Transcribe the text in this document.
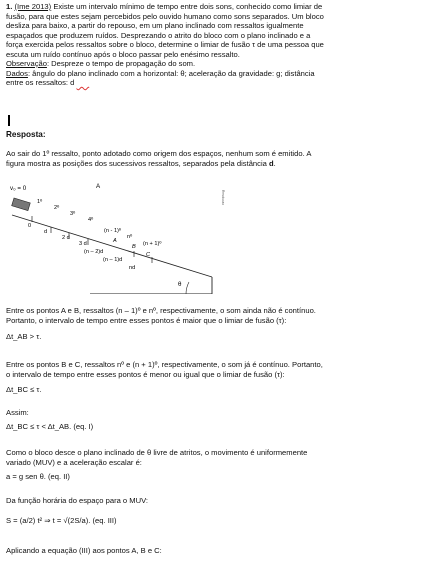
1. (Ime 2013) Existe um intervalo mínimo de tempo entre dois sons, conhecido como limiar de
fusão, para que estes sejam percebidos pelo ouvido humano como sons separados. Um bloco
desliza para baixo, a partir do repouso, em um plano inclinado com ressaltos igualmente
espaçados que produzem ruídos. Desprezando o atrito do bloco com o plano inclinado e a
força exercida pelos ressaltos sobre o bloco, determine o limiar de fusão τ de uma pessoa que
escuta um ruído contínuo após o bloco passar pelo enésimo ressalto.
Observação: Despreze o tempo de propagação do som.
Dados: ângulo do plano inclinado com a horizontal: θ; aceleração da gravidade: g; distância
entre os ressaltos: d ___
Resposta:
Ao sair do 1º ressalto, ponto adotado como origem dos espaços, nenhum som é emitido. A
figura mostra as posições dos sucessivos ressaltos, separados pela distância d.
v₀ = 0	A
1º
2º
3º
4º
0
d
2 d
3 d
(n – 2)d
(n – 1)d
nd
(n - 1)º
nº
(n + 1)º
A
B
C
θ
Resolucao
Entre os pontos A e B, ressaltos (n – 1)º e nº, respectivamente, o som ainda não é contínuo.
Portanto, o intervalo de tempo entre esses pontos é maior que o limiar de fusão (τ):
Δt_AB > τ.
Entre os pontos B e C, ressaltos nº e (n + 1)º, respectivamente, o som já é contínuo. Portanto,
o intervalo de tempo entre esses pontos é menor ou igual que o limiar de fusão (τ):
Δt_BC ≤ τ.
Assim:
Δt_BC ≤ τ < Δt_AB. (eq. I)
Como o bloco desce o plano inclinado de θ livre de atritos, o movimento é uniformemente
variado (MUV) e a aceleração escalar é:
a = g sen θ. (eq. II)
Da função horária do espaço para o MUV:
S = (a/2) t² ⇒ t = √(2S/a). (eq. III)
Aplicando a equação (III) aos pontos A, B e C:
